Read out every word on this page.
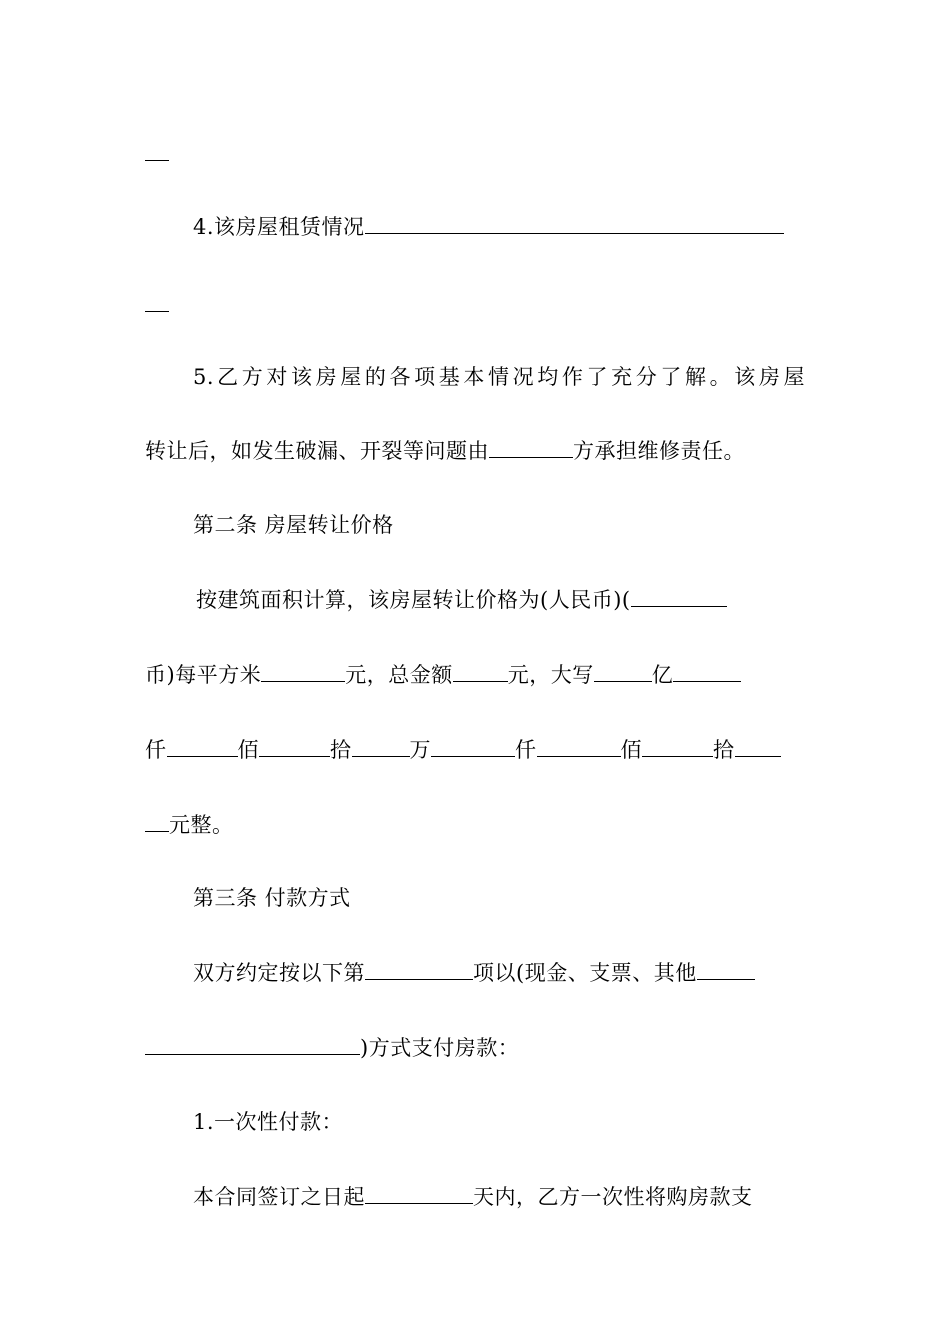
4.该房屋租赁情况
5.乙方对该房屋的各项基本情况均作了充分了解。该房屋
转让后，如发生破漏、开裂等问题由	方承担维修责任。
第二条 房屋转让价格
按建筑面积计算，该房屋转让价格为(人民币)(
币)每平方米	元，总金额	元，大写	亿
仟	佰	拾	万	仟	佰	拾
元整。
第三条 付款方式
双方约定按以下第	项以(现金、支票、其他
)方式支付房款：
1.一次性付款：
本合同签订之日起	天内，乙方一次性将购房款支
